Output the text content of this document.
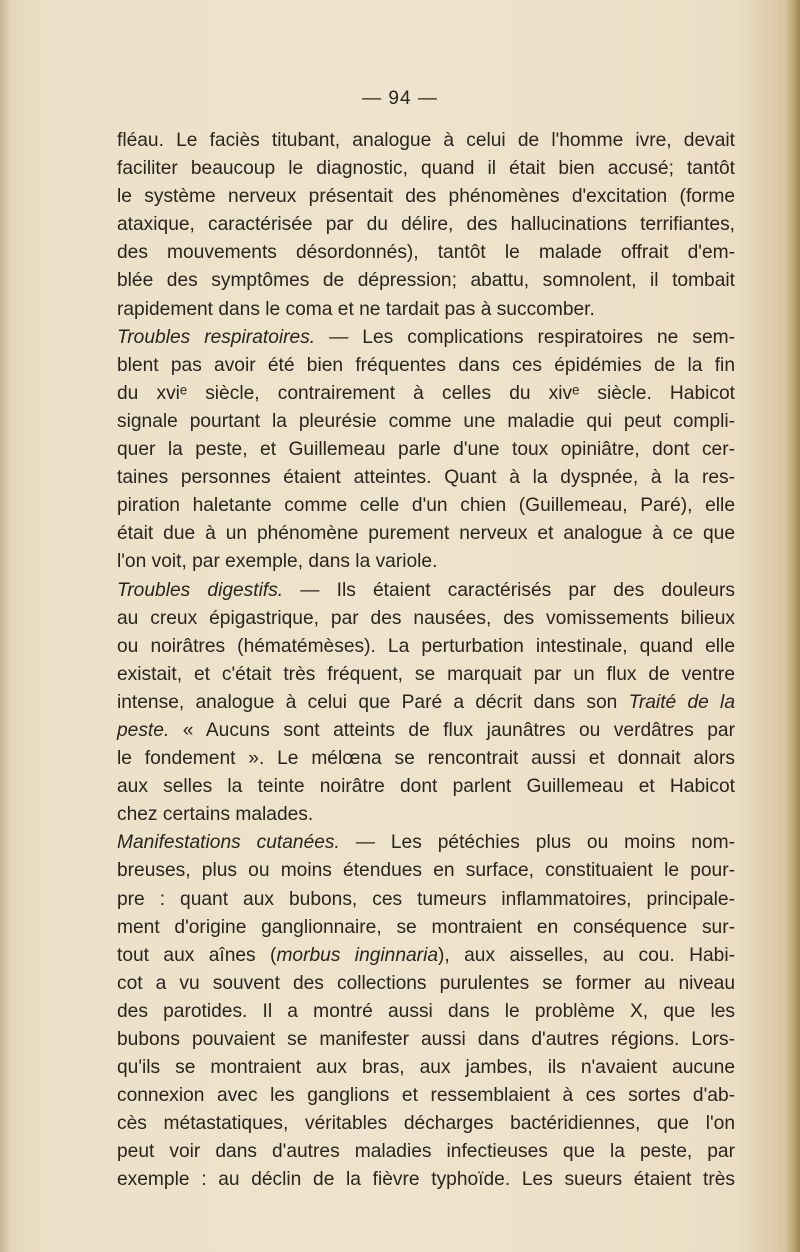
— 94 —
fléau. Le faciès titubant, analogue à celui de l'homme ivre, devait
faciliter beaucoup le diagnostic, quand il était bien accusé; tantôt
le système nerveux présentait des phénomènes d'excitation (forme
ataxique, caractérisée par du délire, des hallucinations terrifiantes,
des mouvements désordonnés), tantôt le malade offrait d'em-
blée des symptômes de dépression; abattu, somnolent, il tombait
rapidement dans le coma et ne tardait pas à succomber.
Troubles respiratoires. — Les complications respiratoires ne sem-
blent pas avoir été bien fréquentes dans ces épidémies de la fin
du xviᵉ siècle, contrairement à celles du xivᵉ siècle. Habicot
signale pourtant la pleurésie comme une maladie qui peut compli-
quer la peste, et Guillemeau parle d'une toux opiniâtre, dont cer-
taines personnes étaient atteintes. Quant à la dyspnée, à la res-
piration haletante comme celle d'un chien (Guillemeau, Paré), elle
était due à un phénomène purement nerveux et analogue à ce que
l'on voit, par exemple, dans la variole.
Troubles digestifs. — Ils étaient caractérisés par des douleurs
au creux épigastrique, par des nausées, des vomissements bilieux
ou noirâtres (hématémèses). La perturbation intestinale, quand elle
existait, et c'était très fréquent, se marquait par un flux de ventre
intense, analogue à celui que Paré a décrit dans son Traité de la
peste. « Aucuns sont atteints de flux jaunâtres ou verdâtres par
le fondement ». Le mélœna se rencontrait aussi et donnait alors
aux selles la teinte noirâtre dont parlent Guillemeau et Habicot
chez certains malades.
Manifestations cutanées. — Les pétéchies plus ou moins nom-
breuses, plus ou moins étendues en surface, constituaient le pour-
pre : quant aux bubons, ces tumeurs inflammatoires, principale-
ment d'origine ganglionnaire, se montraient en conséquence sur-
tout aux aînes (morbus inginnaria), aux aisselles, au cou. Habi-
cot a vu souvent des collections purulentes se former au niveau
des parotides. Il a montré aussi dans le problème X, que les
bubons pouvaient se manifester aussi dans d'autres régions. Lors-
qu'ils se montraient aux bras, aux jambes, ils n'avaient aucune
connexion avec les ganglions et ressemblaient à ces sortes d'ab-
cès métastatiques, véritables décharges bactéridiennes, que l'on
peut voir dans d'autres maladies infectieuses que la peste, par
exemple : au déclin de la fièvre typhoïde. Les sueurs étaient très
